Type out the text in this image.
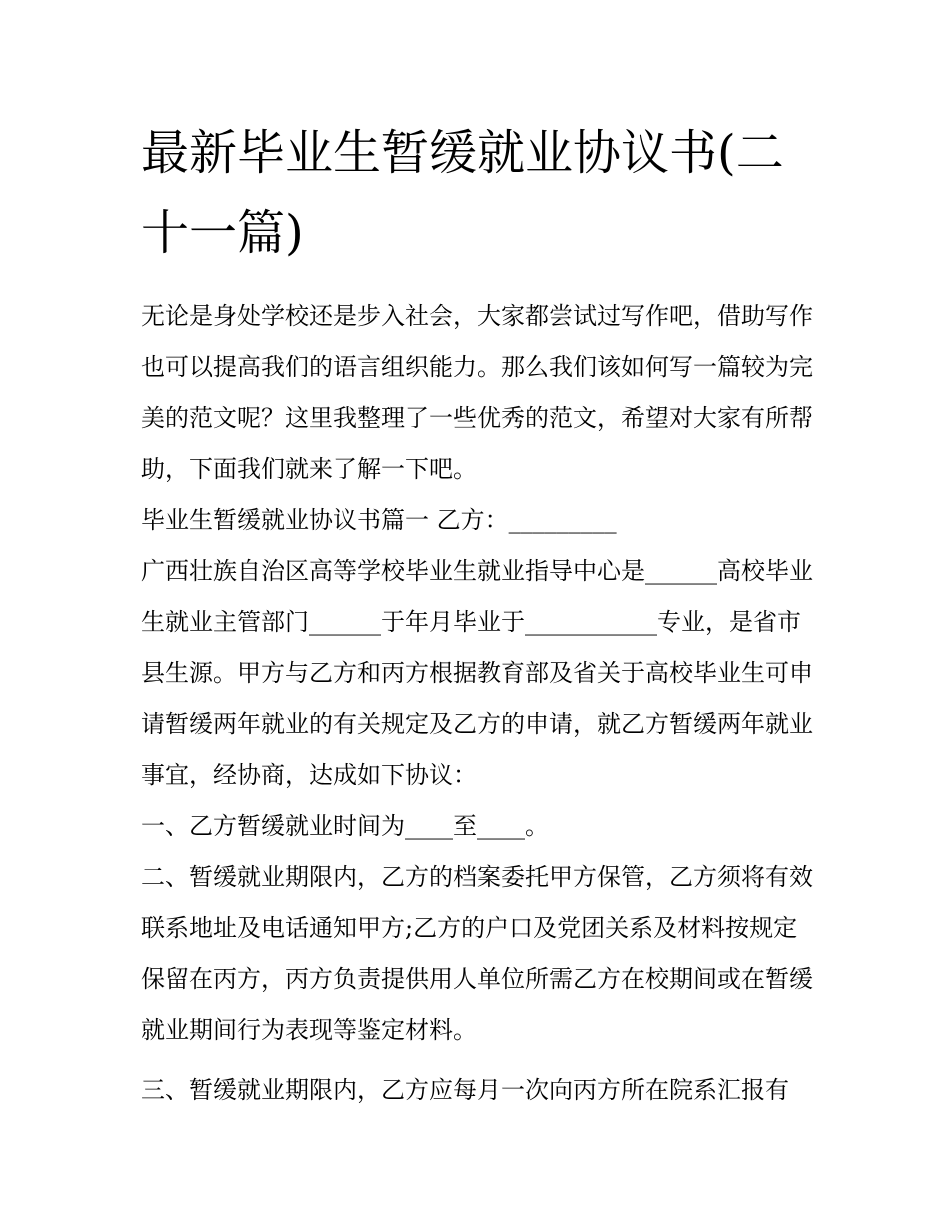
最新毕业生暂缓就业协议书(二十一篇)

无论是身处学校还是步入社会，大家都尝试过写作吧，借助写作也可以提高我们的语言组织能力。那么我们该如何写一篇较为完美的范文呢？这里我整理了一些优秀的范文，希望对大家有所帮助，下面我们就来了解一下吧。

毕业生暂缓就业协议书篇一 乙方：_________

广西壮族自治区高等学校毕业生就业指导中心是______高校毕业生就业主管部门______于年月毕业于___________专业，是省市县生源。甲方与乙方和丙方根据教育部及省关于高校毕业生可申请暂缓两年就业的有关规定及乙方的申请，就乙方暂缓两年就业事宜，经协商，达成如下协议：

一、乙方暂缓就业时间为____至____。

二、暂缓就业期限内，乙方的档案委托甲方保管，乙方须将有效联系地址及电话通知甲方;乙方的户口及党团关系及材料按规定保留在丙方，丙方负责提供用人单位所需乙方在校期间或在暂缓就业期间行为表现等鉴定材料。

三、暂缓就业期限内，乙方应每月一次向丙方所在院系汇报有
